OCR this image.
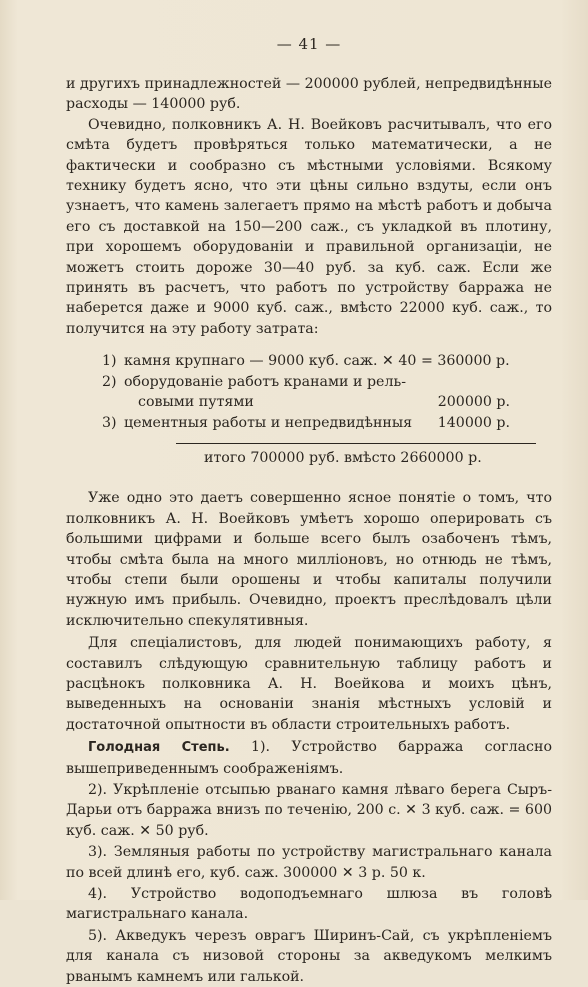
— 41 —

и другихъ принадлежностей — 200000 рублей, непредвидѣнные расходы — 140000 руб.

Очевидно, полковникъ А. Н. Воейковъ расчитывалъ, что его смѣта будетъ провѣряться только математически, а не фактически и сообразно съ мѣстными условіями. Всякому технику будетъ ясно, что эти цѣны сильно вздуты, если онъ узнаетъ, что камень залегаетъ прямо на мѣстѣ работъ и добыча его съ доставкой на 150—200 саж., съ укладкой въ плотину, при хорошемъ оборудованіи и правильной организаціи, не можетъ стоить дороже 30—40 руб. за куб. саж. Если же принять въ расчетъ, что работъ по устройству барража не наберется даже и 9000 куб. саж., вмѣсто 22000 куб. саж., то получится на эту работу затрата:

1) камня крупнаго — 9000 куб. саж. ✕ 40 = 360000 р.
2) оборудованіе работъ кранами и рель-
совыми путями	200000 р.
3) цементныя работы и непредвидѣнныя 140000 р.
итого 700000 руб. вмѣсто 2660000 р.

Уже одно это даетъ совершенно ясное понятіе о томъ, что полковникъ А. Н. Воейковъ умѣетъ хорошо оперировать съ большими цифрами и больше всего былъ озабоченъ тѣмъ, чтобы смѣта была на много милліоновъ, но отнюдь не тѣмъ, чтобы степи были орошены и чтобы капиталы получили нужную имъ прибыль. Очевидно, проектъ преслѣдовалъ цѣли исключительно спекулятивныя.

Для спеціалистовъ, для людей понимающихъ работу, я составилъ слѣдующую сравнительную таблицу работъ и расцѣнокъ полковника А. Н. Воейкова и моихъ цѣнъ, выведенныхъ на основаніи знанія мѣстныхъ условій и достаточной опытности въ области строительныхъ работъ.

Голодная Степь. 1). Устройство барража согласно вышеприведеннымъ соображеніямъ.

2). Укрѣпленіе отсыпью рванаго камня лѣваго берега Сыръ-Дарьи отъ барража внизъ по теченію, 200 с. ✕ 3 куб. саж. = 600 куб. саж. ✕ 50 руб.

3). Земляныя работы по устройству магистральнаго канала по всей длинѣ его, куб. саж. 300000 ✕ 3 р. 50 к.

4). Устройство водоподъемнаго шлюза въ головѣ магистральнаго канала.

5). Акведукъ черезъ оврагъ Ширинъ-Сай, съ укрѣпленіемъ для канала съ низовой стороны за акведукомъ мелкимъ рванымъ камнемъ или галькой.
